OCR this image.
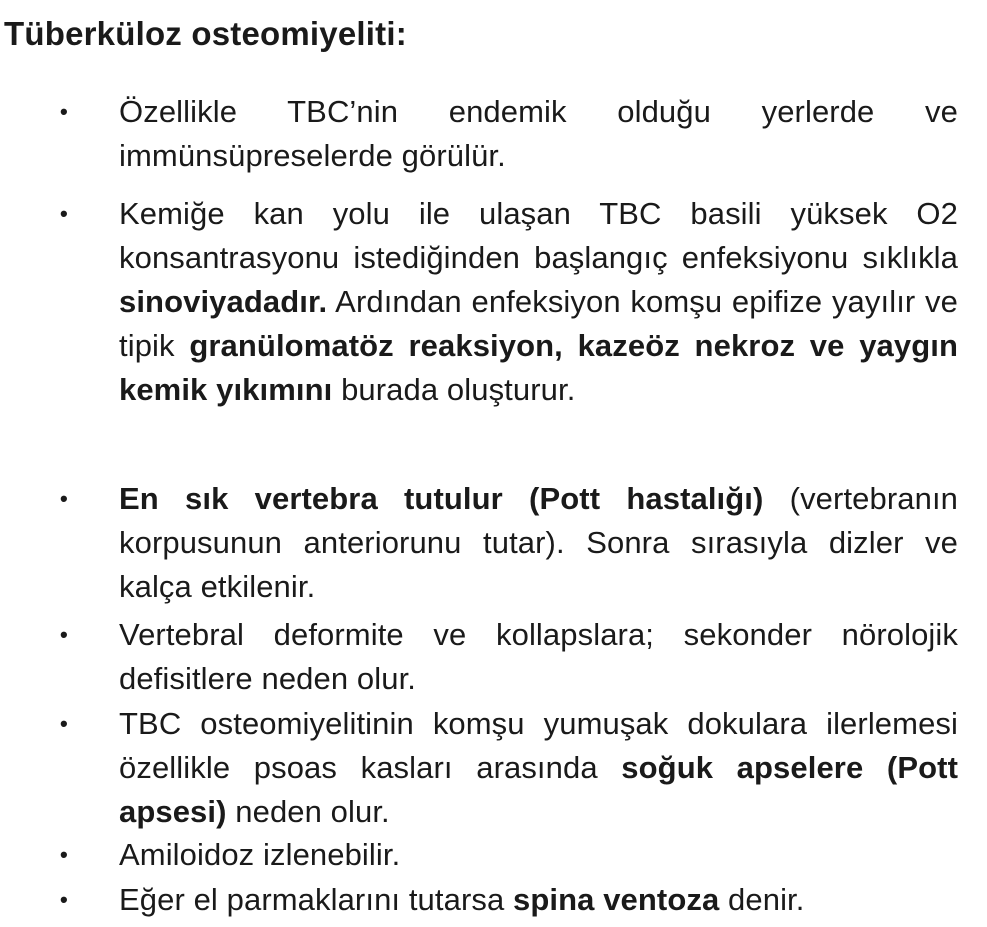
Tüberküloz osteomiyeliti:
• Özellikle TBC’nin endemik olduğu yerlerde ve immünsüpreselerde görülür.
• Kemiğe kan yolu ile ulaşan TBC basili yüksek O2 konsantrasyonu istediğinden başlangıç enfeksiyonu sıklıkla sinoviyadadır. Ardından enfeksiyon komşu epifize yayılır ve tipik granülomatöz reaksiyon, kazeöz nekroz ve yaygın kemik yıkımını burada oluşturur.
• En sık vertebra tutulur (Pott hastalığı) (vertebranın korpusunun anteriorunu tutar). Sonra sırasıyla dizler ve kalça etkilenir.
• Vertebral deformite ve kollapslara; sekonder nörolojik defisitlere neden olur.
• TBC osteomiyelitinin komşu yumuşak dokulara ilerlemesi özellikle psoas kasları arasında soğuk apselere (Pott apsesi) neden olur.
• Amiloidoz izlenebilir.
• Eğer el parmaklarını tutarsa spina ventoza denir.
